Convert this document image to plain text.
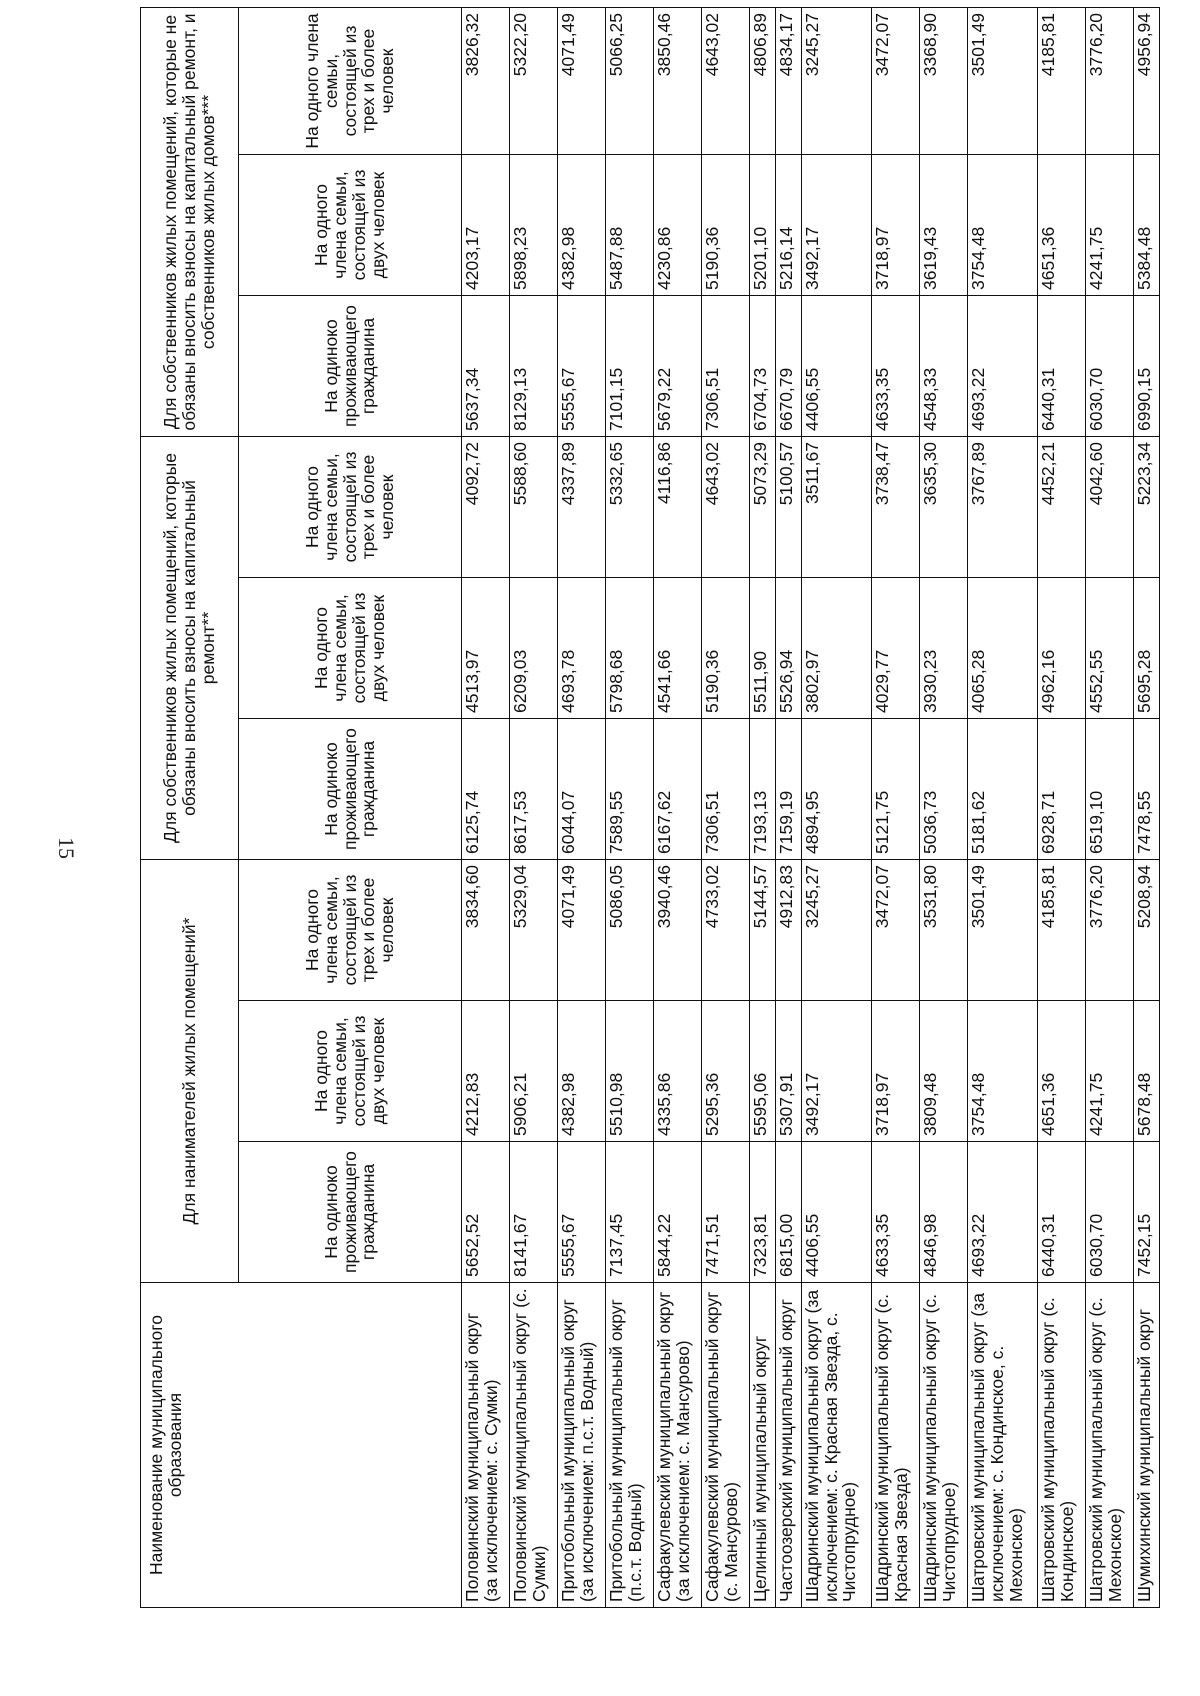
15
Наименование муниципального образования	Для нанимателей жилых помещений*			Для собственников жилых помещений, которые обязаны вносить взносы на капитальный ремонт**			Для собственников жилых помещений, которые не обязаны вносить взносы на капитальный ремонт, и собственников жилых домов***		
	На одиноко проживающего гражданина	На одного члена семьи, состоящей из двух человек	На одного члена семьи, состоящей из трех и более человек	На одиноко проживающего гражданина	На одного члена семьи, состоящей из двух человек	На одного члена семьи, состоящей из трех и более человек	На одиноко проживающего гражданина	На одного члена семьи, состоящей из двух человек	На одного члена семьи, состоящей из трех и более человек
Половинский муниципальный округ (за исключением: с. Сумки)	5652,52	4212,83	3834,60	6125,74	4513,97	4092,72	5637,34	4203,17	3826,32
Половинский муниципальный округ (с. Сумки)	8141,67	5906,21	5329,04	8617,53	6209,03	5588,60	8129,13	5898,23	5322,20
Притобольный муниципальный округ (за исключением: п.с.т. Водный)	5555,67	4382,98	4071,49	6044,07	4693,78	4337,89	5555,67	4382,98	4071,49
Притобольный муниципальный округ (п.с.т. Водный)	7137,45	5510,98	5086,05	7589,55	5798,68	5332,65	7101,15	5487,88	5066,25
Сафакулевский муниципальный округ (за исключением: с. Мансурово)	5844,22	4335,86	3940,46	6167,62	4541,66	4116,86	5679,22	4230,86	3850,46
Сафакулевский муниципальный округ (с. Мансурово)	7471,51	5295,36	4733,02	7306,51	5190,36	4643,02	7306,51	5190,36	4643,02
Целинный муниципальный округ	7323,81	5595,06	5144,57	7193,13	5511,90	5073,29	6704,73	5201,10	4806,89
Частоозерский муниципальный округ	6815,00	5307,91	4912,83	7159,19	5526,94	5100,57	6670,79	5216,14	4834,17
Шадринский муниципальный округ (за исключением: с. Красная Звезда, с. Чистопрудное)	4406,55	3492,17	3245,27	4894,95	3802,97	3511,67	4406,55	3492,17	3245,27
Шадринский муниципальный округ (с. Красная Звезда)	4633,35	3718,97	3472,07	5121,75	4029,77	3738,47	4633,35	3718,97	3472,07
Шадринский муниципальный округ (с. Чистопрудное)	4846,98	3809,48	3531,80	5036,73	3930,23	3635,30	4548,33	3619,43	3368,90
Шатровский муниципальный округ (за исключением: с. Кондинское, с. Мехонское)	4693,22	3754,48	3501,49	5181,62	4065,28	3767,89	4693,22	3754,48	3501,49
Шатровский муниципальный округ (с. Кондинское)	6440,31	4651,36	4185,81	6928,71	4962,16	4452,21	6440,31	4651,36	4185,81
Шатровский муниципальный округ (с. Мехонское)	6030,70	4241,75	3776,20	6519,10	4552,55	4042,60	6030,70	4241,75	3776,20
Шумихинский муниципальный округ	7452,15	5678,48	5208,94	7478,55	5695,28	5223,34	6990,15	5384,48	4956,94
